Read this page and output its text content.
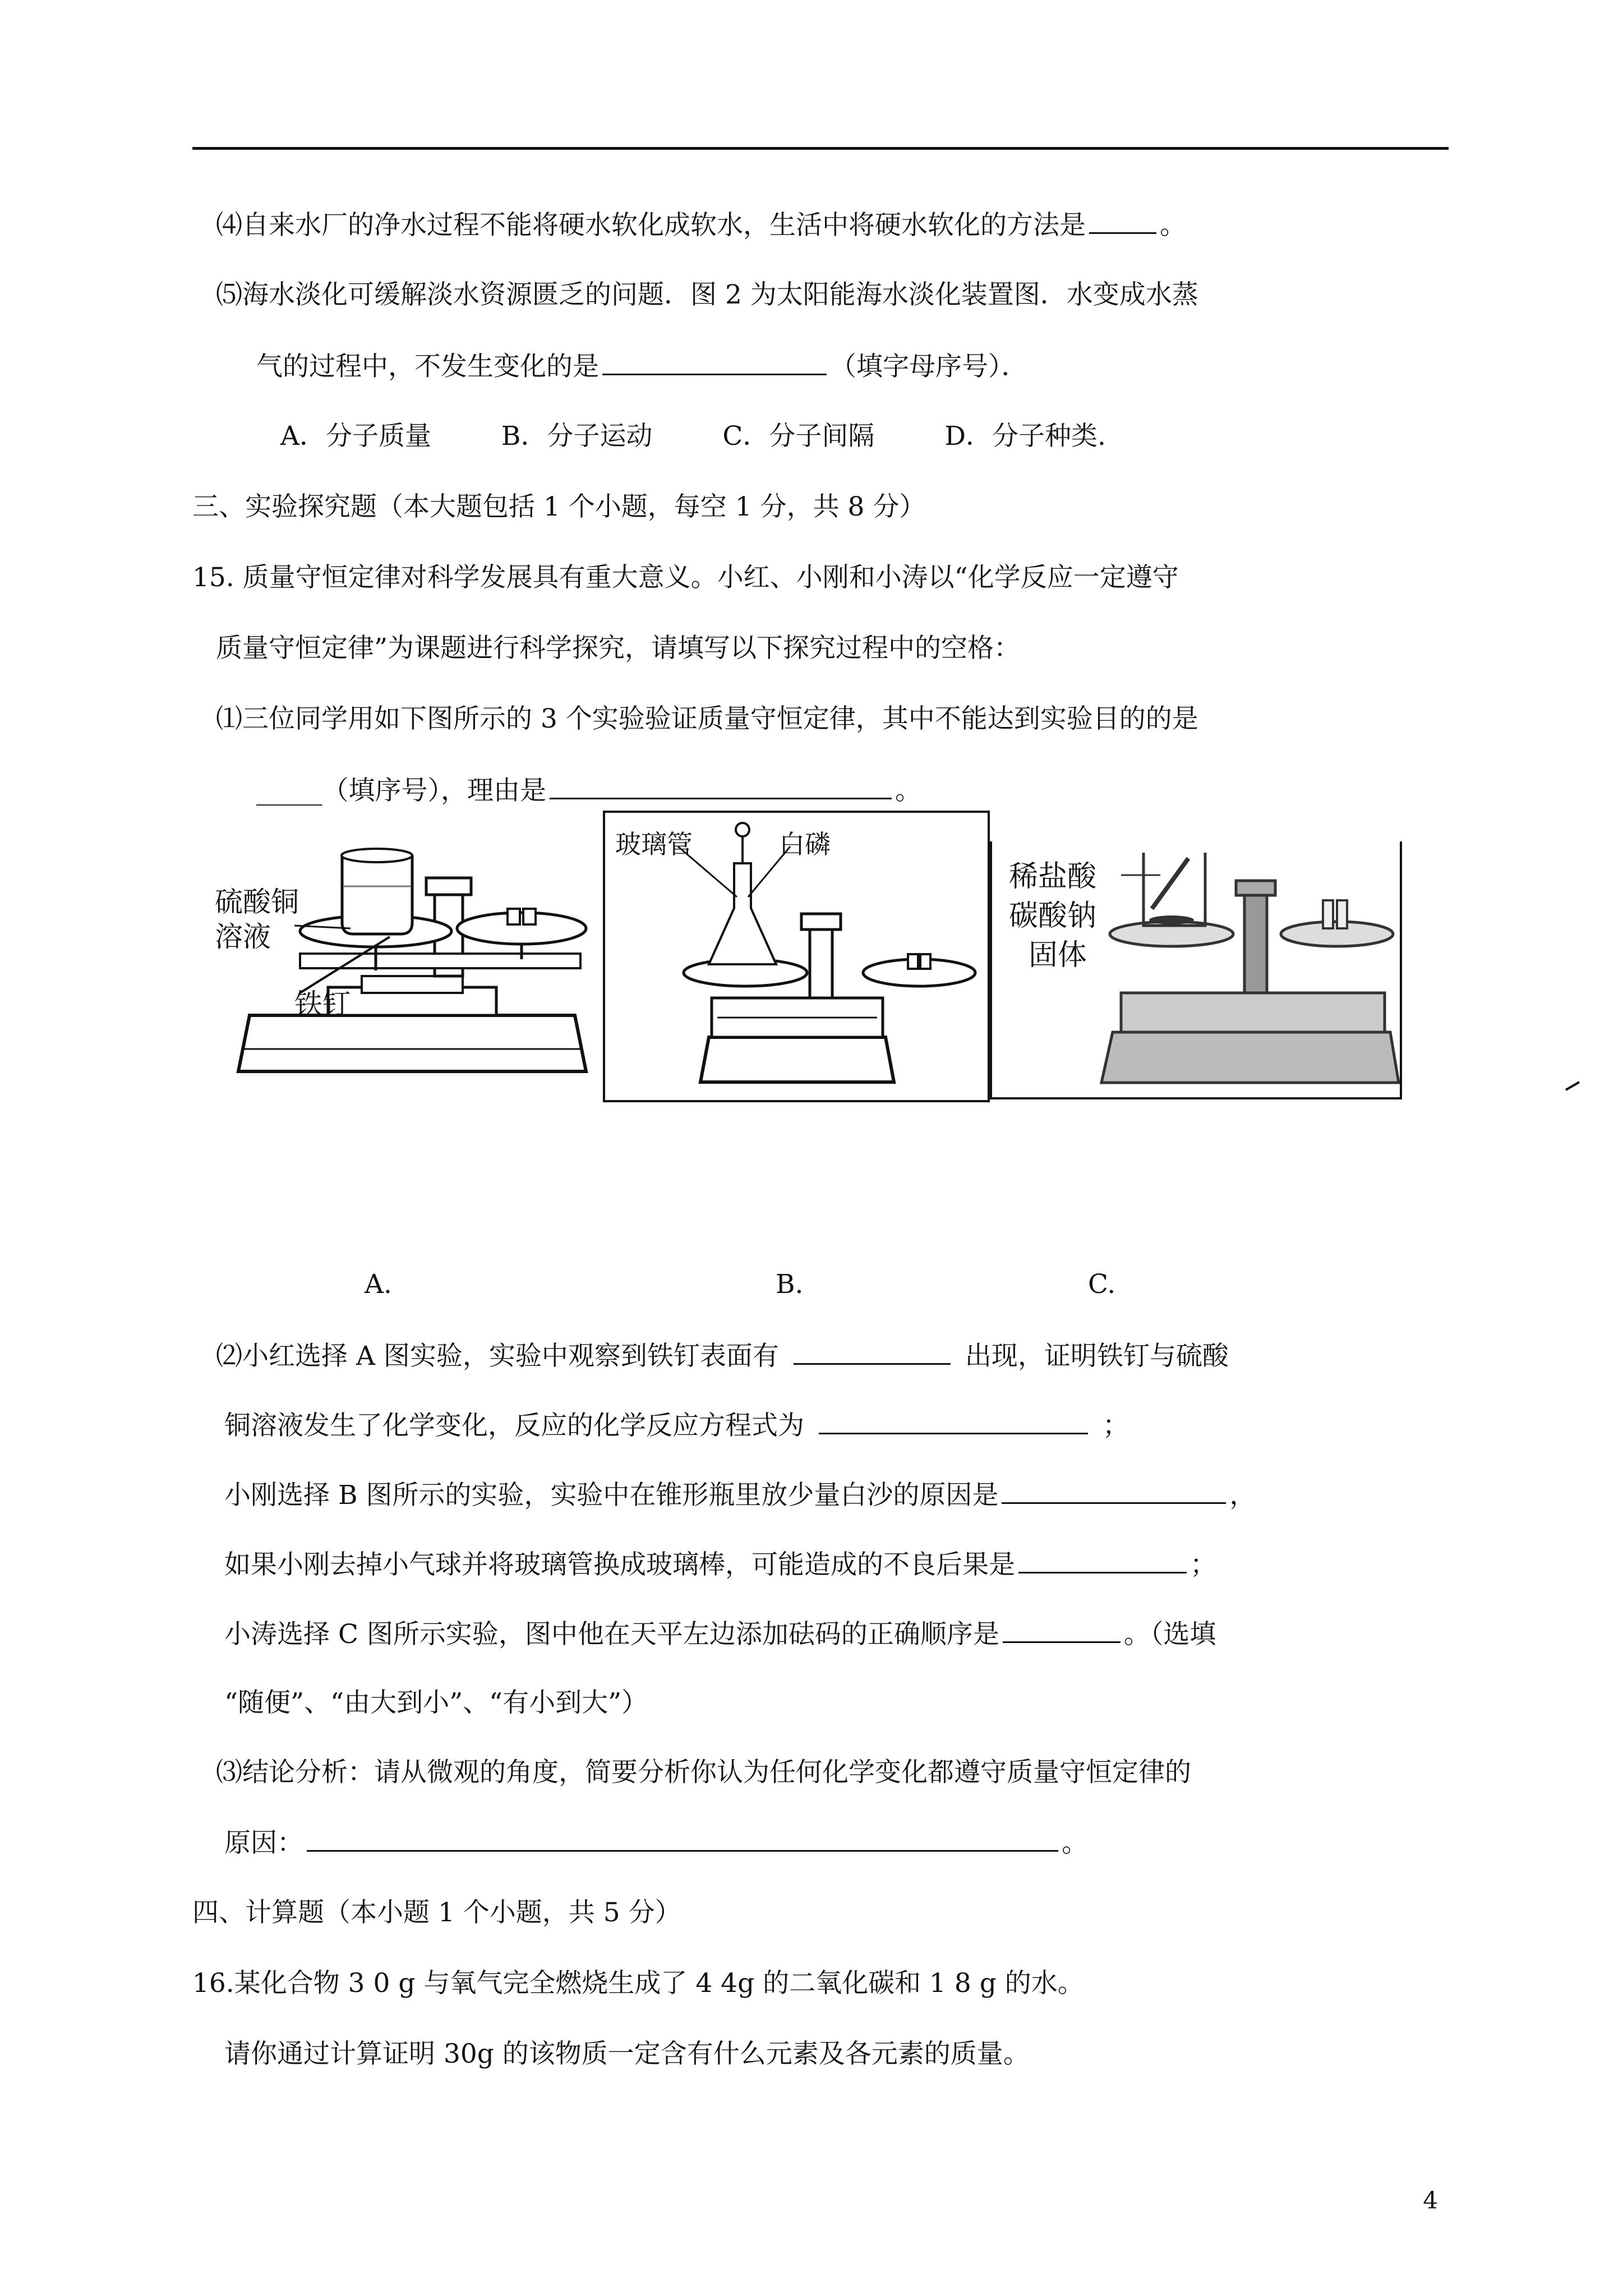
⑷自来水厂的净水过程不能将硬水软化成软水，生活中将硬水软化的方法是	。
⑸海水淡化可缓解淡水资源匮乏的问题．图 2 为太阳能海水淡化装置图．水变成水蒸
气的过程中，不发生变化的是	（填字母序号）．
A．分子质量	B．分子运动	C．分子间隔	D．分子种类.
三、实验探究题（本大题包括 1 个小题，每空 1 分，共 8 分）
15. 质量守恒定律对科学发展具有重大意义。小红、小刚和小涛以“化学反应一定遵守
质量守恒定律”为课题进行科学探究，请填写以下探究过程中的空格：
⑴三位同学用如下图所示的 3 个实验验证质量守恒定律，其中不能达到实验目的的是
_____（填序号），理由是	。
硫酸铜
溶液
铁钉
玻璃管	白磷
稀盐酸
碳酸钠
固体
A.	B.	C.
⑵小红选择 A 图实验，实验中观察到铁钉表面有	出现，证明铁钉与硫酸
铜溶液发生了化学变化，反应的化学反应方程式为	；
小刚选择 B 图所示的实验，实验中在锥形瓶里放少量白沙的原因是	，
如果小刚去掉小气球并将玻璃管换成玻璃棒，可能造成的不良后果是	；
小涛选择 C 图所示实验，图中他在天平左边添加砝码的正确顺序是	。（选填
“随便”、“由大到小”、“有小到大”）
⑶结论分析：请从微观的角度，简要分析你认为任何化学变化都遵守质量守恒定律的
原因：	。
四、计算题（本小题 1 个小题，共 5 分）
16.某化合物 3 0 g 与氧气完全燃烧生成了 4 4g 的二氧化碳和 1 8 g 的水。
请你通过计算证明 30g 的该物质一定含有什么元素及各元素的质量。
4
